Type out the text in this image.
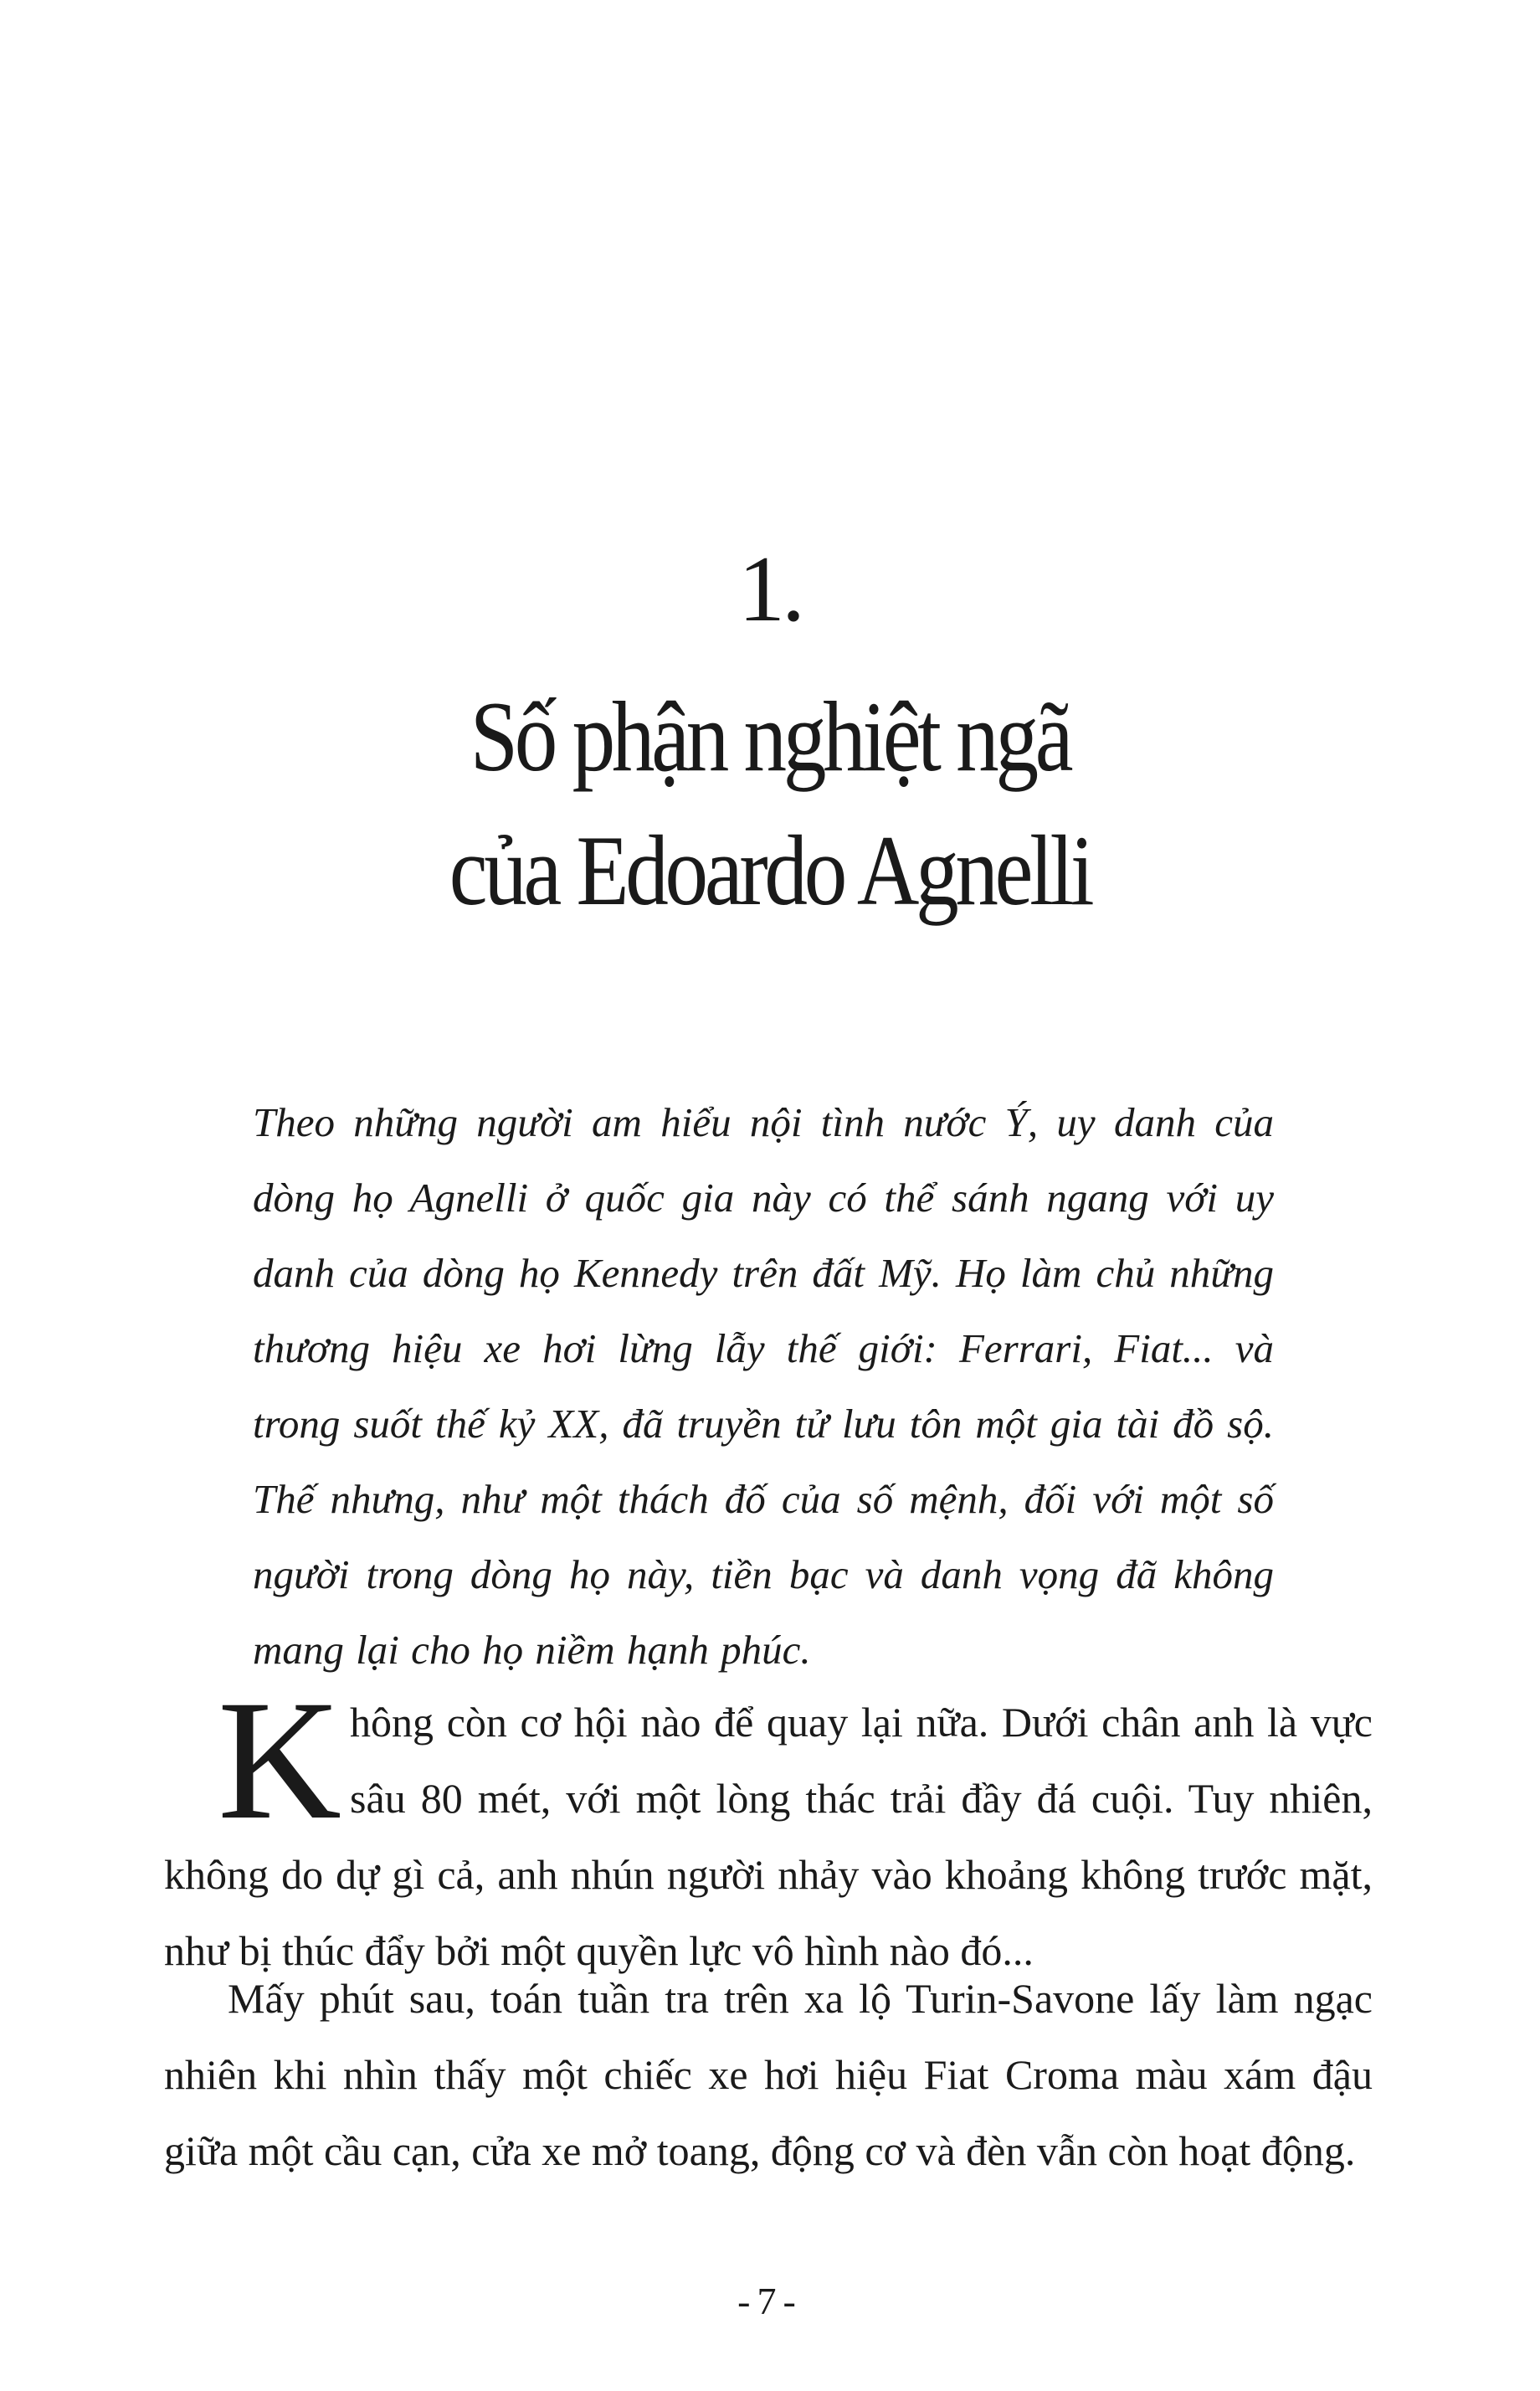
1.
Số phận nghiệt ngã
của Edoardo Agnelli

Theo những người am hiểu nội tình nước Ý, uy danh của dòng họ Agnelli ở quốc gia này có thể sánh ngang với uy danh của dòng họ Kennedy trên đất Mỹ. Họ làm chủ những thương hiệu xe hơi lừng lẫy thế giới: Ferrari, Fiat... và trong suốt thế kỷ XX, đã truyền tử lưu tôn một gia tài đồ sộ. Thế nhưng, như một thách đố của số mệnh, đối với một số người trong dòng họ này, tiền bạc và danh vọng đã không mang lại cho họ niềm hạnh phúc.

Không còn cơ hội nào để quay lại nữa. Dưới chân anh là vực sâu 80 mét, với một lòng thác trải đầy đá cuội. Tuy nhiên, không do dự gì cả, anh nhún người nhảy vào khoảng không trước mặt, như bị thúc đẩy bởi một quyền lực vô hình nào đó...

Mấy phút sau, toán tuần tra trên xa lộ Turin-Savone lấy làm ngạc nhiên khi nhìn thấy một chiếc xe hơi hiệu Fiat Croma màu xám đậu giữa một cầu cạn, cửa xe mở toang, động cơ và đèn vẫn còn hoạt động.

-7-
